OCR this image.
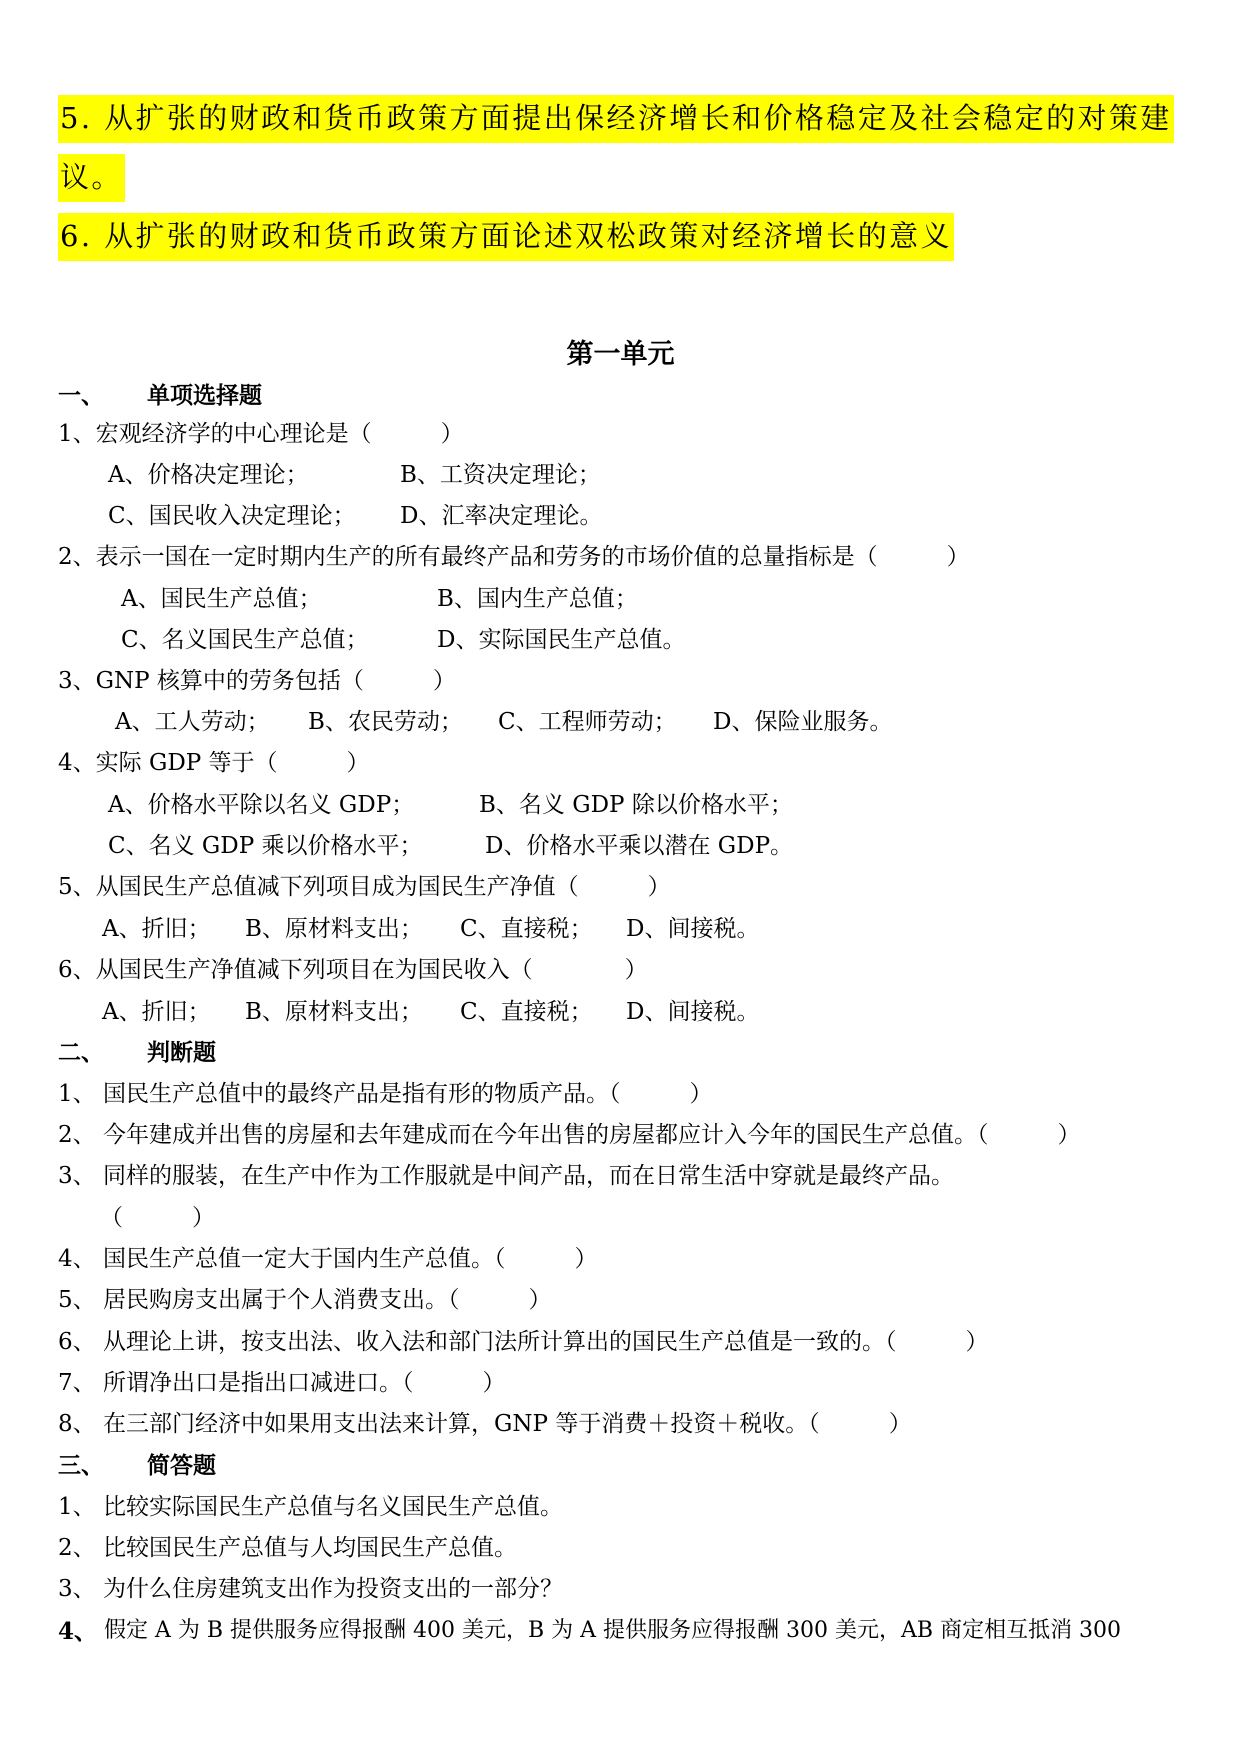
5. 从扩张的财政和货币政策方面提出保经济增长和价格稳定及社会稳定的对策建
议。
6. 从扩张的财政和货币政策方面论述双松政策对经济增长的意义
第一单元
一、 单项选择题
1、宏观经济学的中心理论是（　　　）
A、价格决定理论；	B、工资决定理论；
C、国民收入决定理论； D、汇率决定理论。
2、表示一国在一定时期内生产的所有最终产品和劳务的市场价值的总量指标是（　　　）
A、国民生产总值；	B、国内生产总值；
C、名义国民生产总值；	D、实际国民生产总值。
3、GNP 核算中的劳务包括（　　　）
A、工人劳动； B、农民劳动； C、工程师劳动； D、保险业服务。
4、实际 GDP 等于（　　　）
A、价格水平除以名义 GDP；	B、名义 GDP 除以价格水平；
C、名义 GDP 乘以价格水平；	D、价格水平乘以潜在 GDP。
5、从国民生产总值减下列项目成为国民生产净值（　　　）
A、折旧； B、原材料支出； C、直接税； D、间接税。
6、从国民生产净值减下列项目在为国民收入（　　　　）
A、折旧； B、原材料支出； C、直接税； D、间接税。
二、 判断题
1、 国民生产总值中的最终产品是指有形的物质产品。（　　　）
2、 今年建成并出售的房屋和去年建成而在今年出售的房屋都应计入今年的国民生产总值。（　　　）
3、 同样的服装，在生产中作为工作服就是中间产品，而在日常生活中穿就是最终产品。
（　　　）
4、 国民生产总值一定大于国内生产总值。（　　　）
5、 居民购房支出属于个人消费支出。（　　　）
6、 从理论上讲，按支出法、收入法和部门法所计算出的国民生产总值是一致的。（　　　）
7、 所谓净出口是指出口减进口。（　　　）
8、 在三部门经济中如果用支出法来计算，GNP 等于消费＋投资＋税收。（　　　）
三、 简答题
1、 比较实际国民生产总值与名义国民生产总值。
2、 比较国民生产总值与人均国民生产总值。
3、 为什么住房建筑支出作为投资支出的一部分？
4、 假定 A 为 B 提供服务应得报酬 400 美元，B 为 A 提供服务应得报酬 300 美元，AB 商定相互抵消 300
